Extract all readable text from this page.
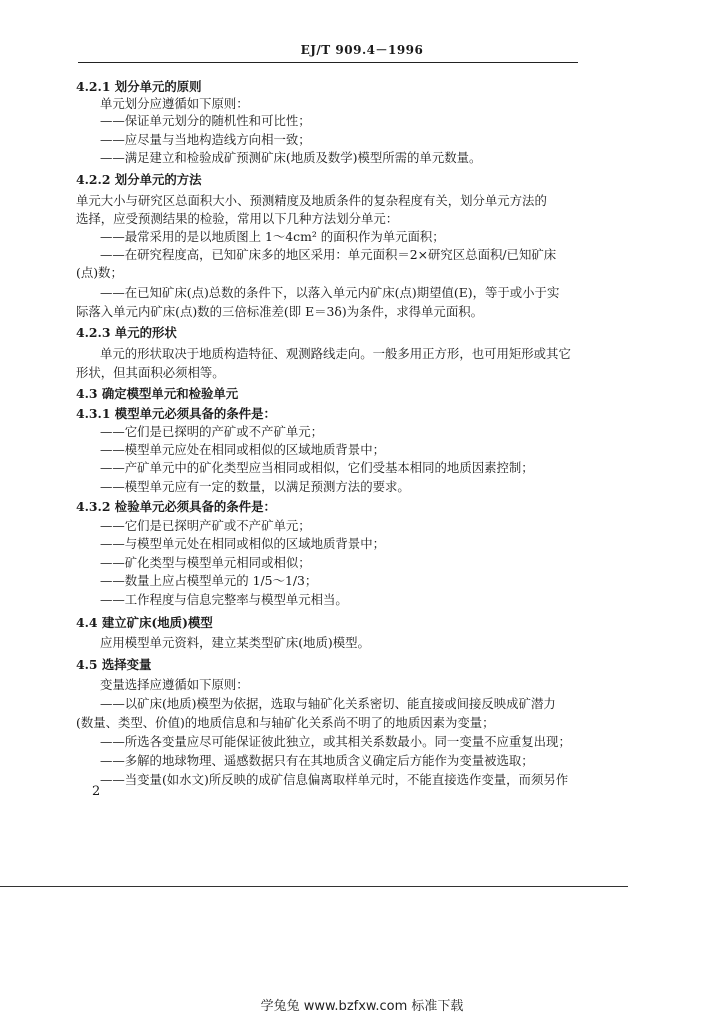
EJ/T 909.4－1996
4.2.1 划分单元的原则
单元划分应遵循如下原则：
——保证单元划分的随机性和可比性；
——应尽量与当地构造线方向相一致；
——满足建立和检验成矿预测矿床(地质及数学)模型所需的单元数量。
4.2.2 划分单元的方法
单元大小与研究区总面积大小、预测精度及地质条件的复杂程度有关，划分单元方法的
选择，应受预测结果的检验，常用以下几种方法划分单元：
——最常采用的是以地质图上 1～4cm² 的面积作为单元面积；
——在研究程度高，已知矿床多的地区采用：单元面积＝2×研究区总面积/已知矿床
(点)数；
——在已知矿床(点)总数的条件下，以落入单元内矿床(点)期望值(E)，等于或小于实
际落入单元内矿床(点)数的三倍标准差(即 E＝3δ)为条件，求得单元面积。
4.2.3 单元的形状
单元的形状取决于地质构造特征、观测路线走向。一般多用正方形，也可用矩形或其它
形状，但其面积必须相等。
4.3 确定模型单元和检验单元
4.3.1 模型单元必须具备的条件是：
——它们是已探明的产矿或不产矿单元；
——模型单元应处在相同或相似的区域地质背景中；
——产矿单元中的矿化类型应当相同或相似，它们受基本相同的地质因素控制；
——模型单元应有一定的数量，以满足预测方法的要求。
4.3.2 检验单元必须具备的条件是：
——它们是已探明产矿或不产矿单元；
——与模型单元处在相同或相似的区域地质背景中；
——矿化类型与模型单元相同或相似；
——数量上应占模型单元的 1/5～1/3；
——工作程度与信息完整率与模型单元相当。
4.4 建立矿床(地质)模型
应用模型单元资料，建立某类型矿床(地质)模型。
4.5 选择变量
变量选择应遵循如下原则：
——以矿床(地质)模型为依据，选取与轴矿化关系密切、能直接或间接反映成矿潜力
(数量、类型、价值)的地质信息和与轴矿化关系尚不明了的地质因素为变量；
——所选各变量应尽可能保证彼此独立，或其相关系数最小。同一变量不应重复出现；
——多解的地球物理、遥感数据只有在其地质含义确定后方能作为变量被选取；
——当变量(如水文)所反映的成矿信息偏离取样单元时，不能直接选作变量，而须另作
2
学兔兔 www.bzfxw.com 标准下载
